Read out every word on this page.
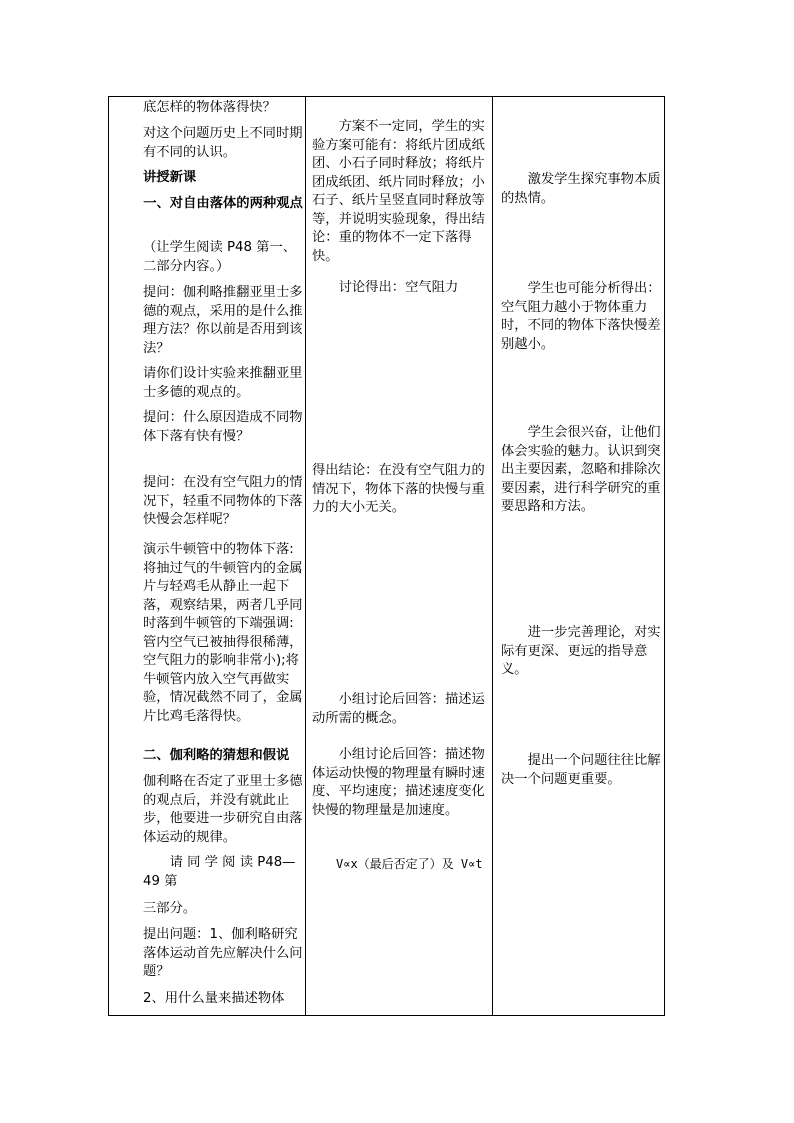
底怎样的物体落得快？

对这个问题历史上不同时期有不同的认识。

讲授新课

一、对自由落体的两种观点

（让学生阅读 P48 第一、二部分内容。）

提问：伽利略推翻亚里士多德的观点，采用的是什么推理方法？你以前是否用到该法？

请你们设计实验来推翻亚里士多德的观点的。

提问：什么原因造成不同物体下落有快有慢？

提问：在没有空气阻力的情况下，轻重不同物体的下落快慢会怎样呢？

演示牛顿管中的物体下落:将抽过气的牛顿管内的金属片与轻鸡毛从静止一起下落，观察结果，两者几乎同时落到牛顿管的下端强调: 管内空气已被抽得很稀薄，空气阻力的影响非常小);将牛顿管内放入空气再做实验，情况截然不同了，金属片比鸡毛落得快。

二、伽利略的猜想和假说

伽利略在否定了亚里士多德的观点后，并没有就此止步，他要进一步研究自由落体运动的规律。

请 同 学 阅 读 P48—49 第

三部分。

提出问题：1、伽利略研究落体运动首先应解决什么问题？

2、用什么量来描述物体

方案不一定同，学生的实验方案可能有：将纸片团成纸团、小石子同时释放；将纸片团成纸团、纸片同时释放；小石子、纸片呈竖直同时释放等等，并说明实验现象，得出结论：重的物体不一定下落得快。

讨论得出：空气阻力

得出结论：在没有空气阻力的情况下，物体下落的快慢与重力的大小无关。

小组讨论后回答：描述运动所需的概念。

小组讨论后回答：描述物体运动快慢的物理量有瞬时速度、平均速度；描述速度变化快慢的物理量是加速度。

V∝x（最后否定了）及 V∝t

激发学生探究事物本质的热情。

学生也可能分析得出：空气阻力越小于物体重力时，不同的物体下落快慢差别越小。

学生会很兴奋，让他们体会实验的魅力。认识到突出主要因素，忽略和排除次要因素，进行科学研究的重要思路和方法。

进一步完善理论，对实际有更深、更远的指导意义。

提出一个问题往往比解决一个问题更重要。
